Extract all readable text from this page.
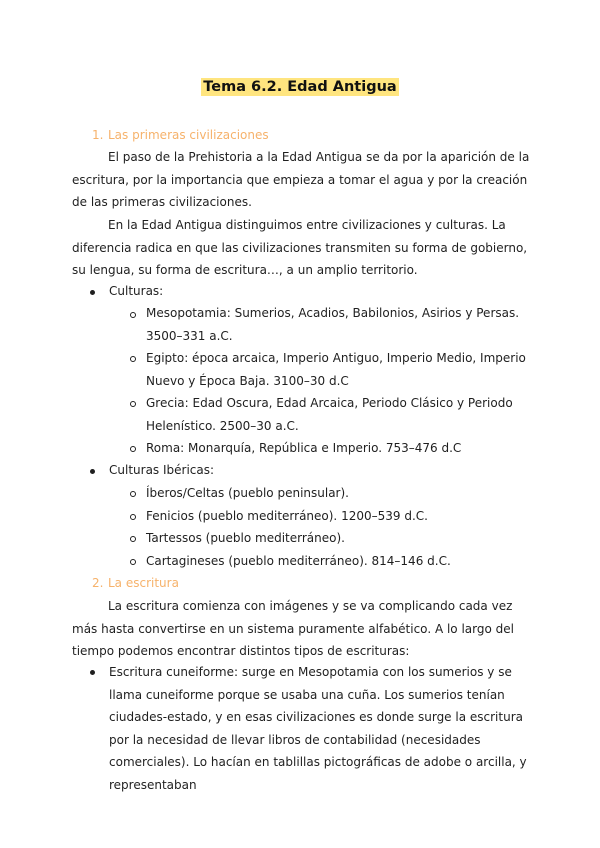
Tema 6.2. Edad Antigua
1. Las primeras civilizaciones

El paso de la Prehistoria a la Edad Antigua se da por la aparición de la escritura, por la importancia que empieza a tomar el agua y por la creación de las primeras civilizaciones.

En la Edad Antigua distinguimos entre civilizaciones y culturas. La diferencia radica en que las civilizaciones transmiten su forma de gobierno, su lengua, su forma de escritura…, a un amplio territorio.

Culturas:
Mesopotamia: Sumerios, Acadios, Babilonios, Asirios y Persas. 3500–331 a.C.
Egipto: época arcaica, Imperio Antiguo, Imperio Medio, Imperio Nuevo y Época Baja. 3100–30 d.C
Grecia: Edad Oscura, Edad Arcaica, Periodo Clásico y Periodo Helenístico. 2500–30 a.C.
Roma: Monarquía, República e Imperio. 753–476 d.C
Culturas Ibéricas:
Íberos/Celtas (pueblo peninsular).
Fenicios (pueblo mediterráneo). 1200–539 d.C.
Tartessos (pueblo mediterráneo).
Cartagineses (pueblo mediterráneo). 814–146 d.C.
2. La escritura

La escritura comienza con imágenes y se va complicando cada vez más hasta convertirse en un sistema puramente alfabético. A lo largo del tiempo podemos encontrar distintos tipos de escrituras:

Escritura cuneiforme: surge en Mesopotamia con los sumerios y se llama cuneiforme porque se usaba una cuña. Los sumerios tenían ciudades-estado, y en esas civilizaciones es donde surge la escritura por la necesidad de llevar libros de contabilidad (necesidades comerciales). Lo hacían en tablillas pictográficas de adobe o arcilla, y representaban
